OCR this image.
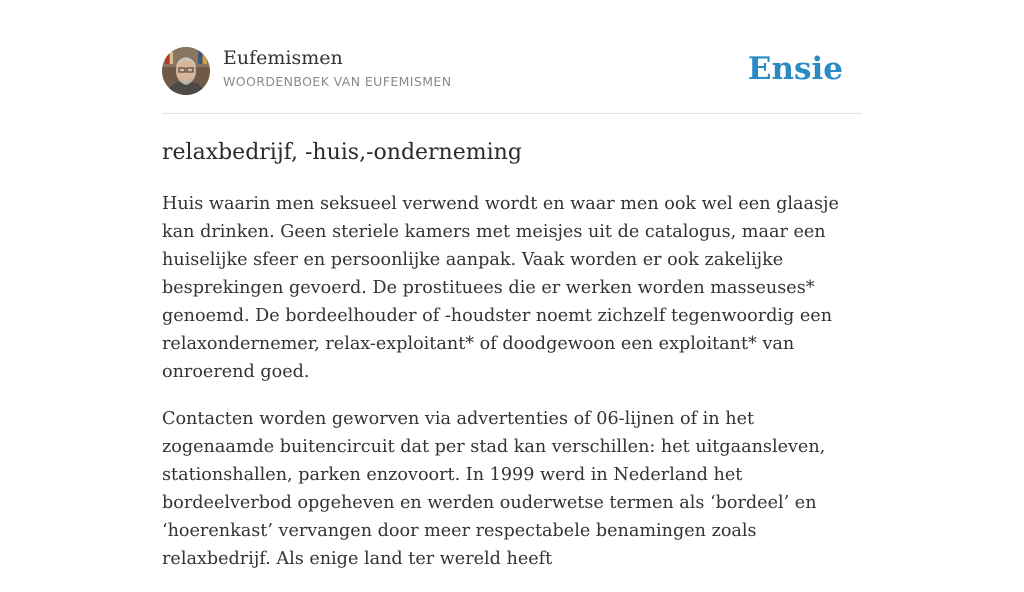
Eufemismen
WOORDENBOEK VAN EUFEMISMEN	Ensie
relaxbedrijf, -huis,-onderneming

Huis waarin men seksueel verwend wordt en waar men ook wel een glaasje kan drinken. Geen steriele kamers met meisjes uit de catalogus, maar een huiselijke sfeer en persoonlijke aanpak. Vaak worden er ook zakelijke besprekingen gevoerd. De prostituees die er werken worden masseuses* genoemd. De bordeelhouder of -houdster noemt zichzelf tegenwoordig een relaxondernemer, relax-exploitant* of doodgewoon een exploitant* van onroerend goed.

Contacten worden geworven via advertenties of 06-lijnen of in het zogenaamde buitencircuit dat per stad kan verschillen: het uitgaansleven, stationshallen, parken enzovoort. In 1999 werd in Nederland het bordeelverbod opgeheven en werden ouderwetse termen als ‘bordeel’ en ‘hoerenkast’ vervangen door meer respectabele benamingen zoals relaxbedrijf. Als enige land ter wereld heeft
